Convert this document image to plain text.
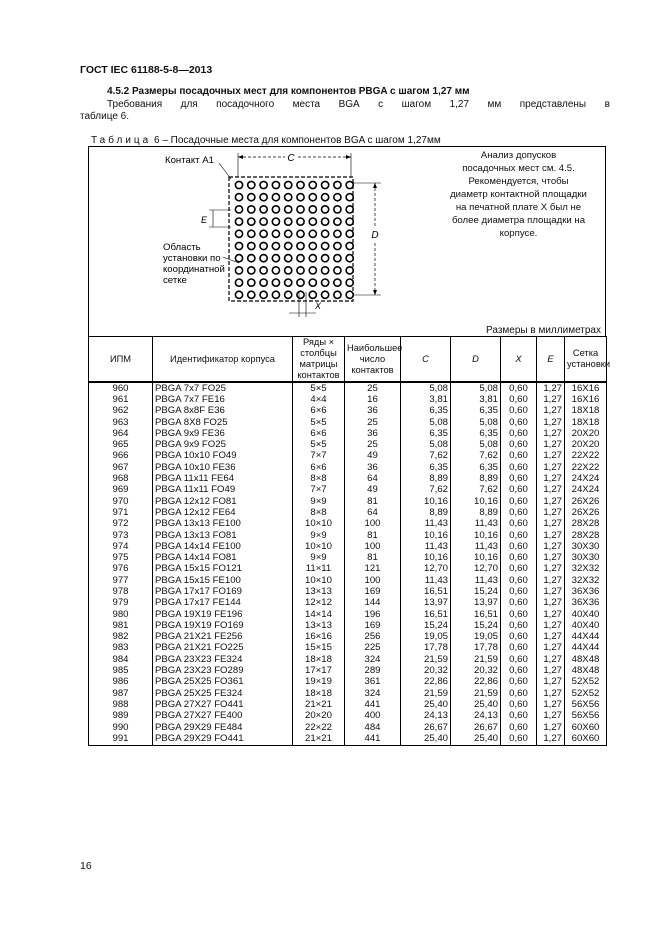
ГОСТ IEC 61188-5-8—2013
4.5.2 Размеры посадочных мест для компонентов PBGA с шагом 1,27 мм
Требования для посадочного места BGA с шагом 1,27 мм представлены в
таблице 6.
Таблица 6 – Посадочные места для компонентов BGA с шагом 1,27мм
C
D
E
X
Контакт А1
Область
установки по
координатной
сетке
Анализ допусков
посадочных мест см. 4.5.
Рекомендуется, чтобы
диаметр контактной площадки
на печатной плате X был не
более диаметра площадки на
корпусе.
Размеры в миллиметрах
ИПМ	Идентификатор корпуса	Ряды × столбцы матрицы контактов	Наибольшее число контактов	C	D	X	E	Сетка установки
960	PBGA 7x7 FO25	5×5	25	5,08	5,08	0,60	1,27	16X16
961	PBGA 7x7 FE16	4×4	16	3,81	3,81	0,60	1,27	16X16
962	PBGA 8x8F E36	6×6	36	6,35	6,35	0,60	1,27	18X18
963	PBGA 8X8 FO25	5×5	25	5,08	5,08	0,60	1,27	18X18
964	PBGA 9x9 FE36	6×6	36	6,35	6,35	0,60	1,27	20X20
965	PBGA 9x9 FO25	5×5	25	5,08	5,08	0,60	1,27	20X20
966	PBGA 10x10 FO49	7×7	49	7,62	7,62	0,60	1,27	22X22
967	PBGA 10x10 FE36	6×6	36	6,35	6,35	0,60	1,27	22X22
968	PBGA 11x11 FE64	8×8	64	8,89	8,89	0,60	1,27	24X24
969	PBGA 11x11 FO49	7×7	49	7,62	7,62	0,60	1,27	24X24
970	PBGA 12x12 FO81	9×9	81	10,16	10,16	0,60	1,27	26X26
971	PBGA 12x12 FE64	8×8	64	8,89	8,89	0,60	1,27	26X26
972	PBGA 13x13 FE100	10×10	100	11,43	11,43	0,60	1,27	28X28
973	PBGA 13x13 FO81	9×9	81	10,16	10,16	0,60	1,27	28X28
974	PBGA 14x14 FE100	10×10	100	11,43	11,43	0,60	1,27	30X30
975	PBGA 14x14 FO81	9×9	81	10,16	10,16	0,60	1,27	30X30
976	PBGA 15x15 FO121	11×11	121	12,70	12,70	0,60	1,27	32X32
977	PBGA 15x15 FE100	10×10	100	11,43	11,43	0,60	1,27	32X32
978	PBGA 17x17 FO169	13×13	169	16,51	15,24	0,60	1,27	36X36
979	PBGA 17x17 FE144	12×12	144	13,97	13,97	0,60	1,27	36X36
980	PBGA 19X19 FE196	14×14	196	16,51	16,51	0,60	1,27	40X40
981	PBGA 19X19 FO169	13×13	169	15,24	15,24	0,60	1,27	40X40
982	PBGA 21X21 FE256	16×16	256	19,05	19,05	0,60	1,27	44X44
983	PBGA 21X21 FO225	15×15	225	17,78	17,78	0,60	1,27	44X44
984	PBGA 23X23 FE324	18×18	324	21,59	21,59	0,60	1,27	48X48
985	PBGA 23X23 FO289	17×17	289	20,32	20,32	0,60	1,27	48X48
986	PBGA 25X25 FO361	19×19	361	22,86	22,86	0,60	1,27	52X52
987	PBGA 25X25 FE324	18×18	324	21,59	21,59	0,60	1,27	52X52
988	PBGA 27X27 FO441	21×21	441	25,40	25,40	0,60	1,27	56X56
989	PBGA 27X27 FE400	20×20	400	24,13	24,13	0,60	1,27	56X56
990	PBGA 29X29 FE484	22×22	484	26,67	26,67	0,60	1,27	60X60
991	PBGA 29X29 FO441	21×21	441	25,40	25,40	0,60	1,27	60X60
16
